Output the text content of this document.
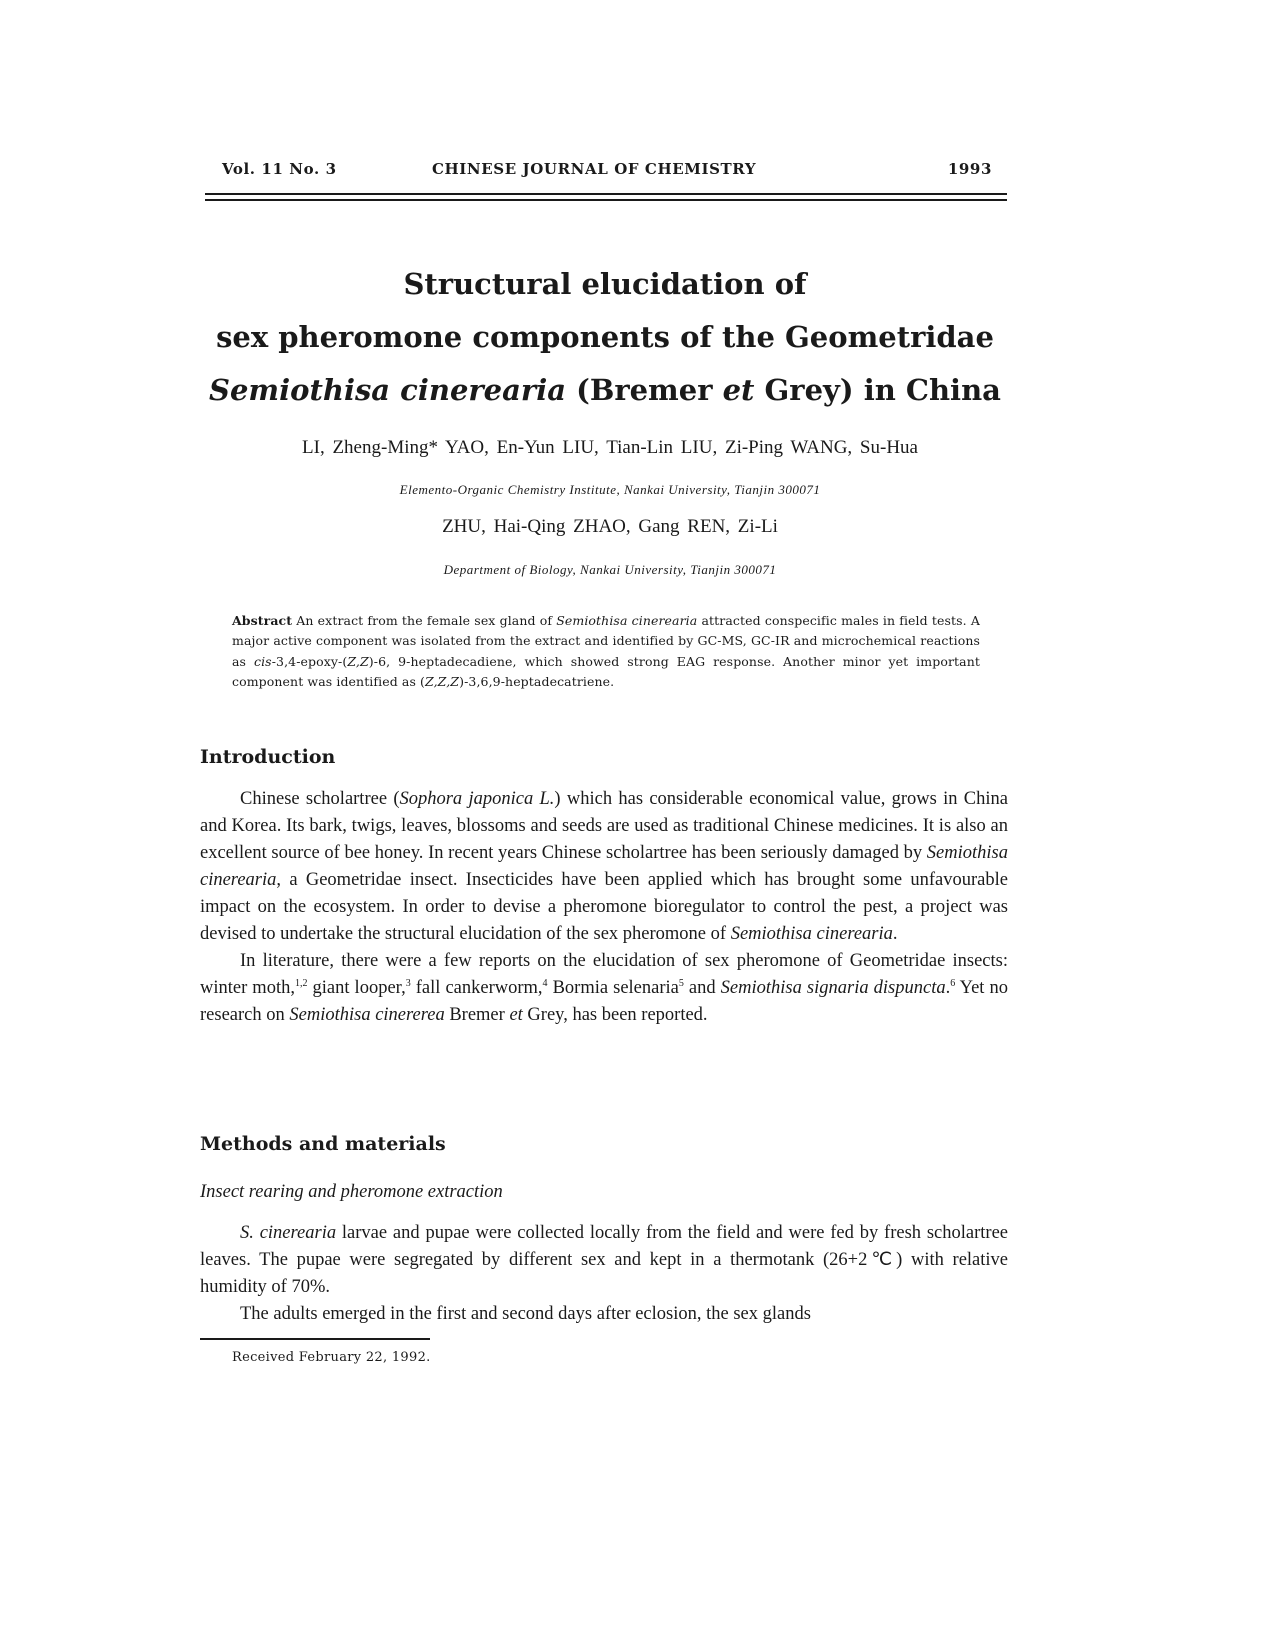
Vol. 11 No. 3	CHINESE JOURNAL OF CHEMISTRY	1993
Structural elucidation of
sex pheromone components of the Geometridae
Semiothisa cinerearia (Bremer et Grey) in China
LI, Zheng-Ming* YAO, En-Yun LIU, Tian-Lin LIU, Zi-Ping WANG, Su-Hua
Elemento-Organic Chemistry Institute, Nankai University, Tianjin 300071
ZHU, Hai-Qing ZHAO, Gang REN, Zi-Li
Department of Biology, Nankai University, Tianjin 300071
Abstract An extract from the female sex gland of Semiothisa cinerearia attracted conspecific males in field tests. A major active component was isolated from the extract and identified by GC-MS, GC-IR and microchemical reactions as cis-3,4-epoxy-(Z,Z)-6, 9-heptadecadiene, which showed strong EAG response. Another minor yet important component was identified as (Z,Z,Z)-3,6,9-heptadecatriene.
Introduction

Chinese scholartree (Sophora japonica L.) which has considerable economical value, grows in China and Korea. Its bark, twigs, leaves, blossoms and seeds are used as traditional Chinese medicines. It is also an excellent source of bee honey. In recent years Chinese scholartree has been seriously damaged by Semiothisa cinerearia, a Geometridae insect. Insecticides have been applied which has brought some unfavourable impact on the ecosystem. In order to devise a pheromone bioregulator to control the pest, a project was devised to undertake the structural elucidation of the sex pheromone of Semiothisa cinerearia.

In literature, there were a few reports on the elucidation of sex pheromone of Geometridae insects: winter moth,$^{1,2}$ giant looper,$^3$ fall cankerworm,$^4$ Bormia selenaria$^5$ and Semiothisa signaria dispuncta.$^6$ Yet no research on Semiothisa cinererea Bremer et Grey, has been reported.

Methods and materials
Insect rearing and pheromone extraction

S. cinerearia larvae and pupae were collected locally from the field and were fed by fresh scholartree leaves. The pupae were segregated by different sex and kept in a thermotank (26+2℃) with relative humidity of 70%.

The adults emerged in the first and second days after eclosion, the sex glands

Received February 22, 1992.
